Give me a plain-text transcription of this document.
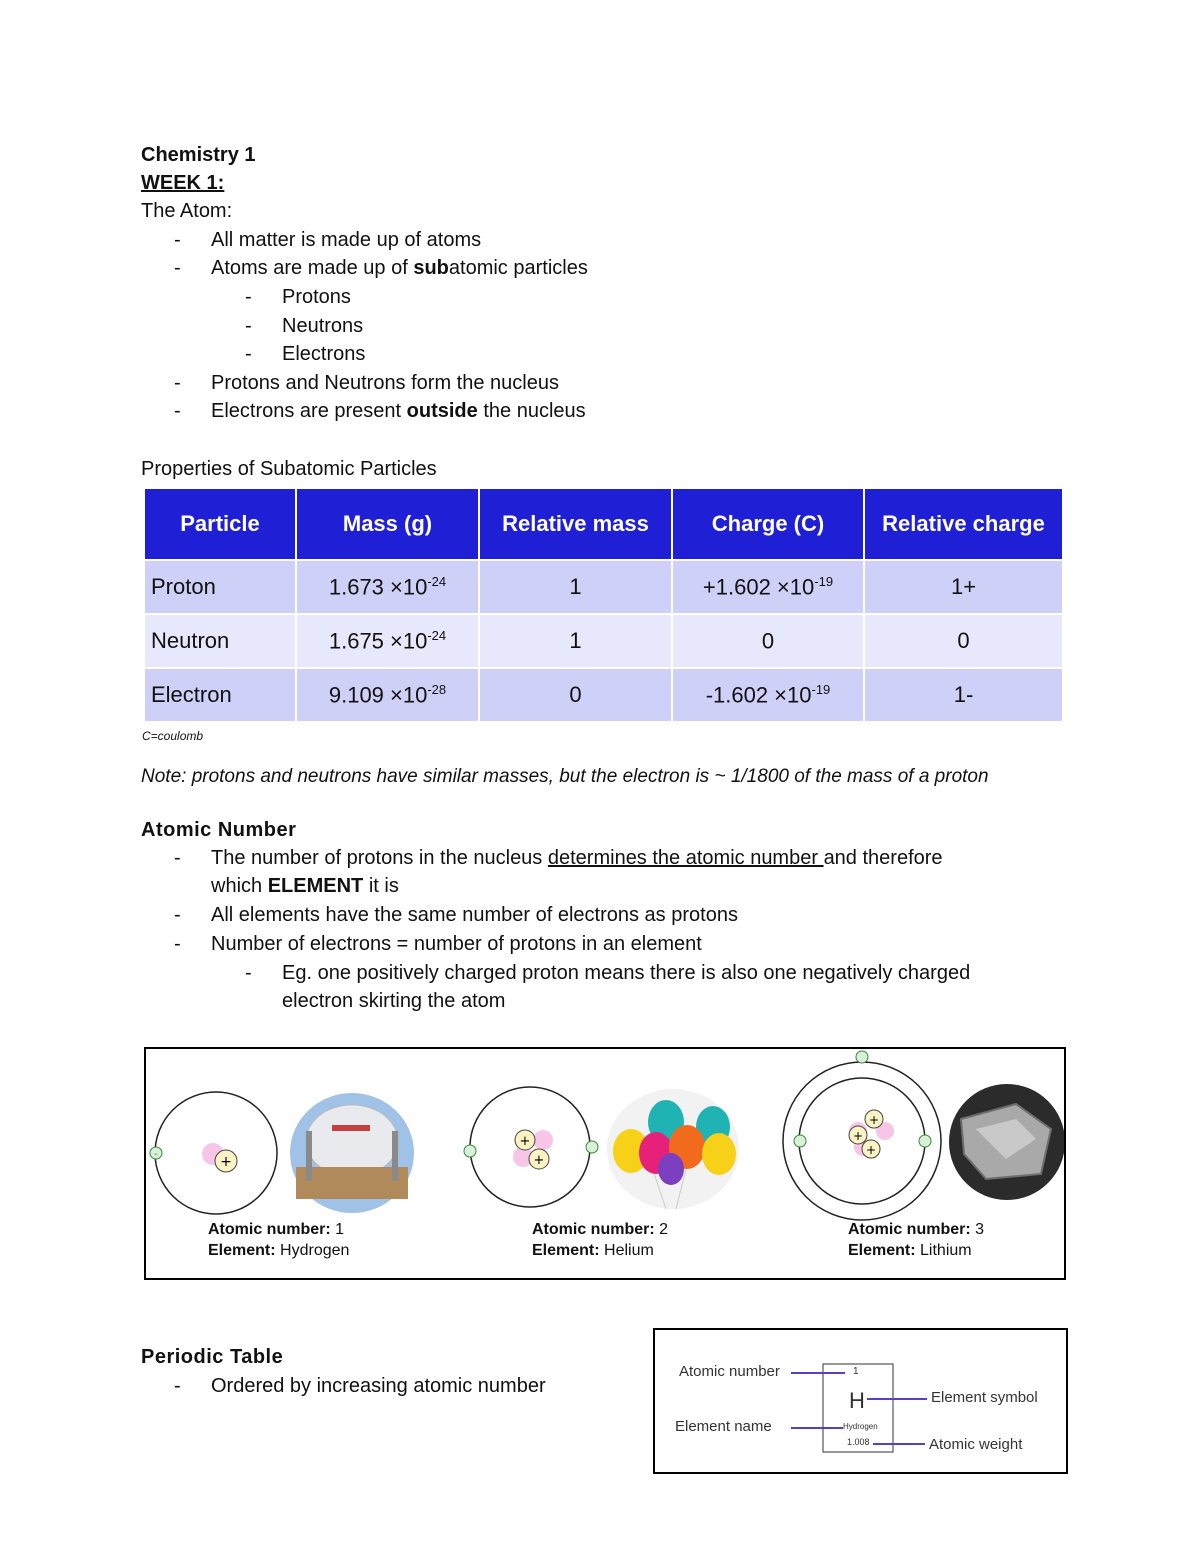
Chemistry 1
WEEK 1:
The Atom:
- All matter is made up of atoms
- Atoms are made up of subatomic particles
- Protons
- Neutrons
- Electrons
- Protons and Neutrons form the nucleus
- Electrons are present outside the nucleus
Properties of Subatomic Particles
Particle	Mass (g)	Relative mass	Charge (C)	Relative charge
Proton	$1.673 \times 10^{-24}$	1	$+1.602 \times 10^{-19}$	1+
Neutron	$1.675 \times 10^{-24}$	1	0	0
Electron	$9.109 \times 10^{-28}$	0	$-1.602 \times 10^{-19}$	1-
C=coulomb
Note: protons and neutrons have similar masses, but the electron is ~ 1/1800 of the mass of a proton
Atomic Number
- The number of protons in the nucleus determines the atomic number and therefore
which ELEMENT it is
- All elements have the same number of electrons as protons
- Number of electrons = number of protons in an element
- Eg. one positively charged proton means there is also one negatively charged
electron skirting the atom
+
-
+
+
+
+
+
Atomic number: 1
Element: Hydrogen
Atomic number: 2
Element: Helium
Atomic number: 3
Element: Lithium
Periodic Table
- Ordered by increasing atomic number
Atomic number
Element name
Element symbol
Atomic weight
1
H
Hydrogen
1.008
